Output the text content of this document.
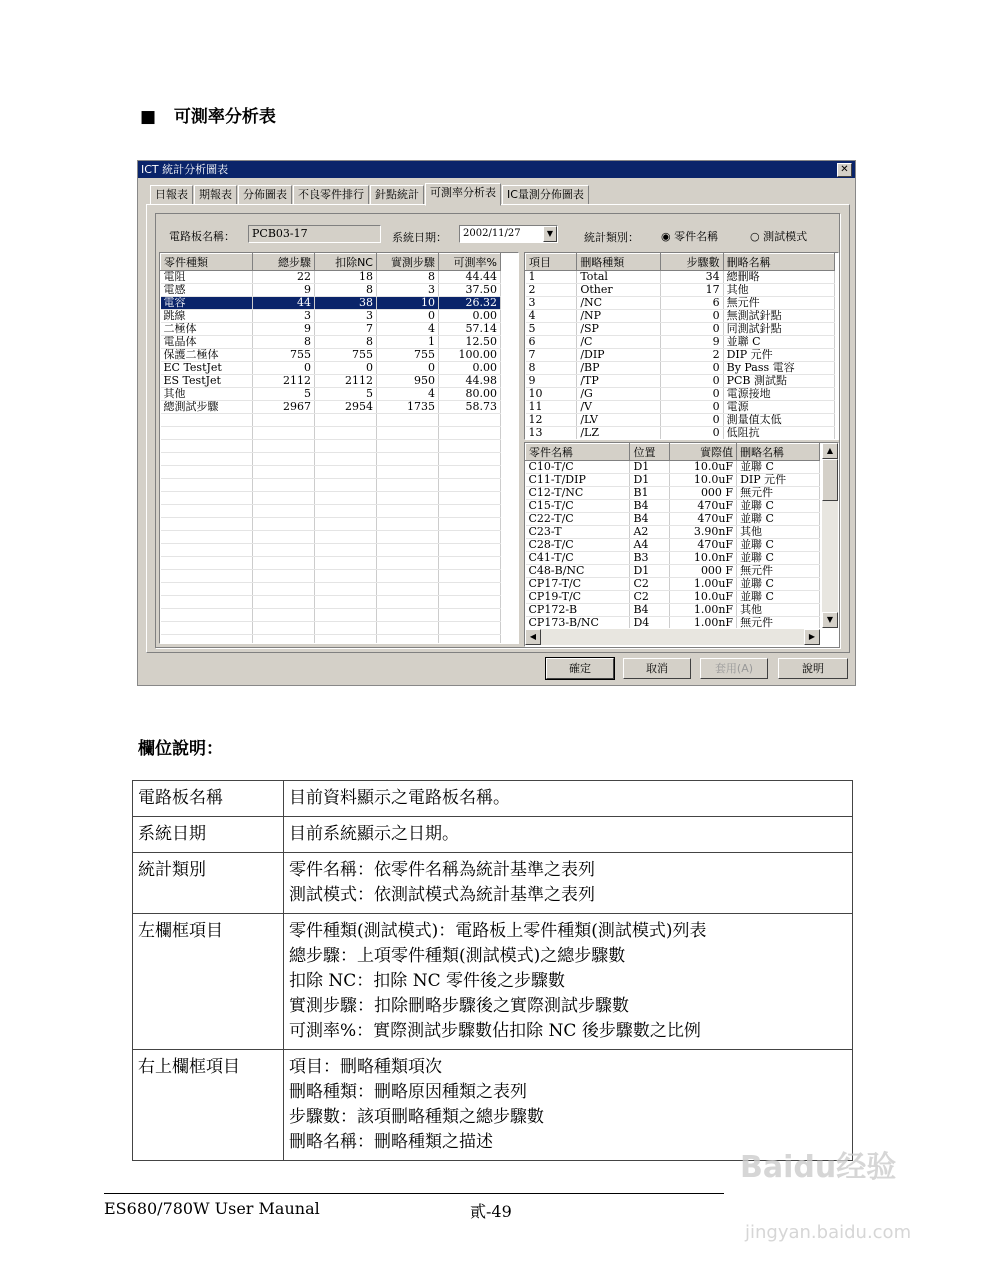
■ 可測率分析表
ICT 統計分析圖表	✕
日報表	期報表	分佈圖表	不良零件排行	針點統計	可測率分析表	IC量測分佈圖表
電路板名稱：	PCB03-17	系統日期：	2002/11/27	▼	統計類別： ◉ 零件名稱	○ 測試模式
零件種類	總步驟	扣除NC	實測步驟	可測率%
電阻	22	18	8	44.44
電感	9	8	3	37.50
電容	44	38	10	26.32
跳線	3	3	0	0.00
二極体	9	7	4	57.14
電晶体	8	8	1	12.50
保護二極体	755	755	755	100.00
EC TestJet	0	0	0	0.00
ES TestJet	2112	2112	950	44.98
其他	5	5	4	80.00
總測試步驟	2967	2954	1735	58.73

項目	刪略種類	步驟數	刪略名稱
1	Total	34	總刪略
2	Other	17	其他
3	/NC	6	無元件
4	/NP	0	無測試針點
5	/SP	0	同測試針點
6	/C	9	並聯 C
7	/DIP	2	DIP 元件
8	/BP	0	By Pass 電容
9	/TP	0	PCB 測試點
10	/G	0	電源接地
11	/V	0	電源
12	/LV	0	測量值太低
13	/LZ	0	低阻抗
零件名稱	位置	實際值	刪略名稱
C10-T/C	D1	10.0uF	並聯 C
C11-T/DIP	D1	10.0uF	DIP 元件
C12-T/NC	B1	000 F	無元件
C15-T/C	B4	470uF	並聯 C
C22-T/C	B4	470uF	並聯 C
C23-T	A2	3.90nF	其他
C28-T/C	A4	470uF	並聯 C
C41-T/C	B3	10.0nF	並聯 C
C48-B/NC	D1	000 F	無元件
CP17-T/C	C2	1.00uF	並聯 C
CP19-T/C	C2	10.0uF	並聯 C
CP172-B	B4	1.00nF	其他
CP173-B/NC	D4	1.00nF	無元件
▲
▼
◀	▶
確定	取消	套用(A)	說明
欄位說明：
電路板名稱	目前資料顯示之電路板名稱。

系統日期	目前系統顯示之日期。

統計類別	零件名稱：依零件名稱為統計基準之表列
測試模式：依測試模式為統計基準之表列

左欄框項目	零件種類(測試模式)：電路板上零件種類(測試模式)列表
總步驟：上項零件種類(測試模式)之總步驟數
扣除 NC：扣除 NC 零件後之步驟數
實測步驟：扣除刪略步驟後之實際測試步驟數
可測率%：實際測試步驟數佔扣除 NC 後步驟數之比例

右上欄框項目	項目：刪略種類項次
刪略種類：刪略原因種類之表列
步驟數：該項刪略種類之總步驟數
刪略名稱：刪略種類之描述
ES680/780W User Maunal	貳-49
Baidu经验
jingyan.baidu.com
